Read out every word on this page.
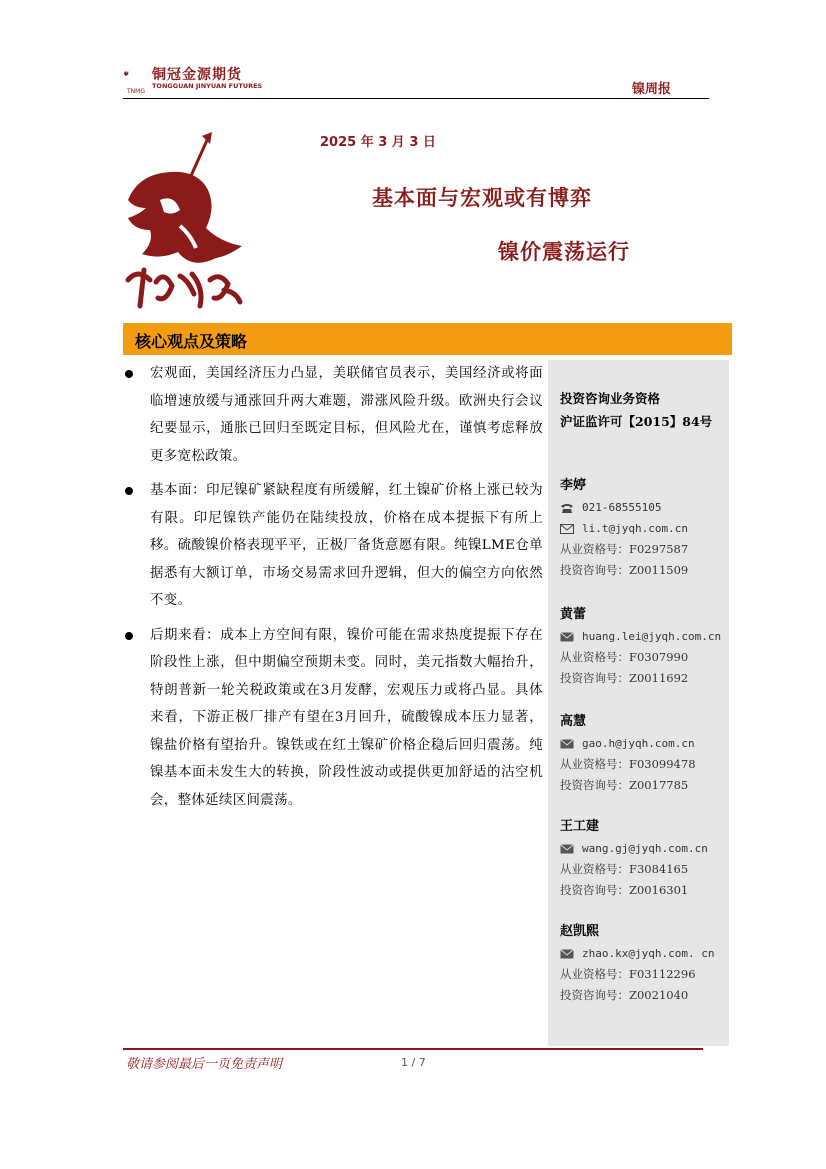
铜冠金源期货
TONGGUAN JINYUAN FUTURES
TNMG	镍周报
2025 年 3 月 3 日
基本面与宏观或有博弈
镍价震荡运行
核心观点及策略
宏观面，美国经济压力凸显，美联储官员表示，美国经济或将面临增速放缓与通涨回升两大难题，滞涨风险升级。欧洲央行会议纪要显示，通胀已回归至既定目标，但风险尤在，谨慎考虑释放更多宽松政策。
基本面：印尼镍矿紧缺程度有所缓解，红土镍矿价格上涨已较为有限。印尼镍铁产能仍在陆续投放，价格在成本提振下有所上移。硫酸镍价格表现平平，正极厂备货意愿有限。纯镍LME仓单据悉有大额订单，市场交易需求回升逻辑，但大的偏空方向依然不变。
后期来看：成本上方空间有限，镍价可能在需求热度提振下存在阶段性上涨，但中期偏空预期未变。同时，美元指数大幅抬升，特朗普新一轮关税政策或在3月发酵，宏观压力或将凸显。具体来看，下游正极厂排产有望在3月回升，硫酸镍成本压力显著，镍盐价格有望抬升。镍铁或在红土镍矿价格企稳后回归震荡。纯镍基本面未发生大的转换，阶段性波动或提供更加舒适的沽空机会，整体延续区间震荡。
投资咨询业务资格
沪证监许可【2015】84号
李婷
021-68555105
li.t@jyqh.com.cn
从业资格号：F0297587
投资咨询号：Z0011509
黄蕾
huang.lei@jyqh.com.cn
从业资格号：F0307990
投资咨询号：Z0011692
高慧
gao.h@jyqh.com.cn
从业资格号：F03099478
投资咨询号：Z0017785
王工建
wang.gj@jyqh.com.cn
从业资格号：F3084165
投资咨询号：Z0016301
赵凯熙
zhao.kx@jyqh.com. cn
从业资格号：F03112296
投资咨询号：Z0021040
敬请参阅最后一页免责声明	1 / 7
